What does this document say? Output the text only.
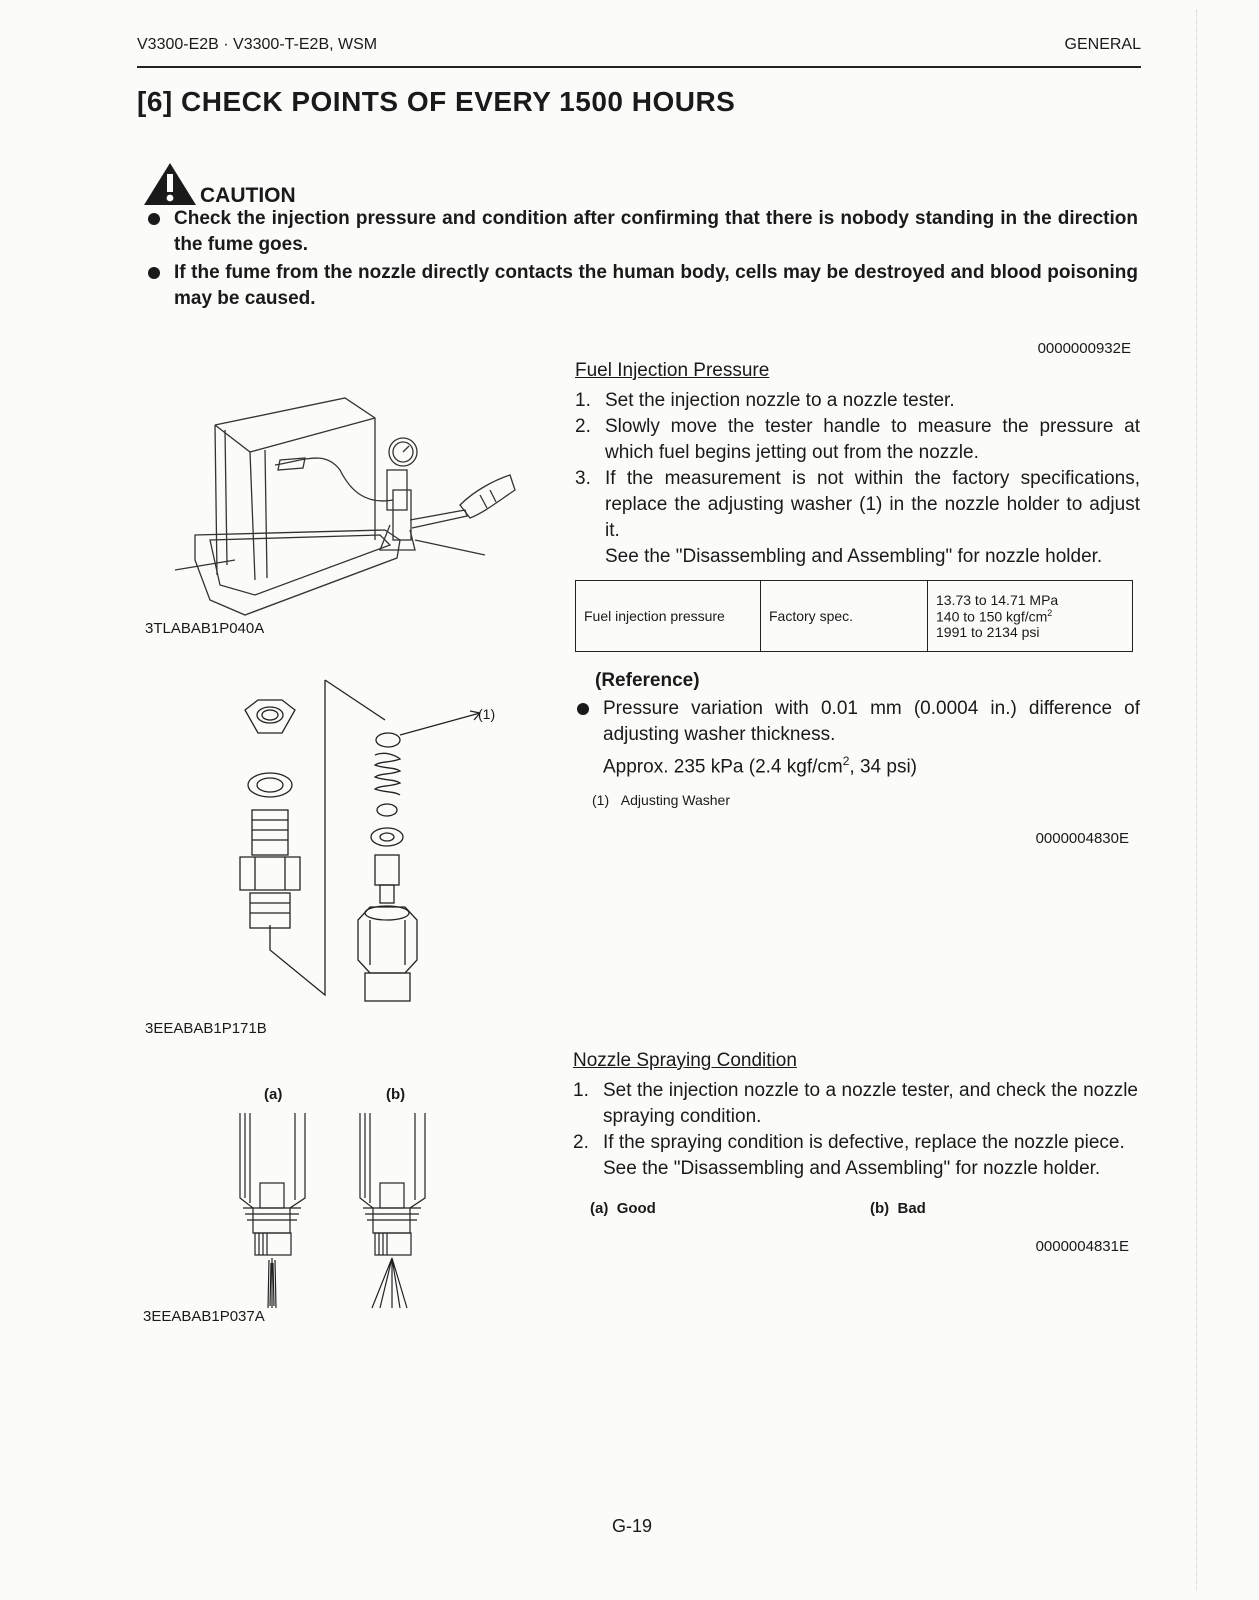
V3300-E2B · V3300-T-E2B, WSM	GENERAL
[6] CHECK POINTS OF EVERY 1500 HOURS
CAUTION
Check the injection pressure and condition after confirming that there is nobody standing in the direction the fume goes.
If the fume from the nozzle directly contacts the human body, cells may be destroyed and blood poisoning may be caused.
0000000932E
Fuel Injection Pressure
1. Set the injection nozzle to a nozzle tester.
2. Slowly move the tester handle to measure the pressure at which fuel begins jetting out from the nozzle.
3. If the measurement is not within the factory specifications, replace the adjusting washer (1) in the nozzle holder to adjust it.
See the "Disassembling and Assembling" for nozzle holder.
Fuel injection pressure	Factory spec.	
13.73 to 14.71 MPa
140 to 150 kgf/$cm^2$
1991 to 2134 psi
3TLABAB1P040A
(Reference)
Pressure variation with 0.01 mm (0.0004 in.) difference of adjusting washer thickness.
Approx. 235 kPa (2.4 kgf/$cm^2$, 34 psi)
(1) Adjusting Washer
0000004830E
(1)
3EEABAB1P171B
Nozzle Spraying Condition
1. Set the injection nozzle to a nozzle tester, and check the nozzle spraying condition.
2. If the spraying condition is defective, replace the nozzle piece.
See the "Disassembling and Assembling" for nozzle holder.
(a) Good	(b) Bad
0000004831E
(a)	(b)
3EEABAB1P037A
G-19
